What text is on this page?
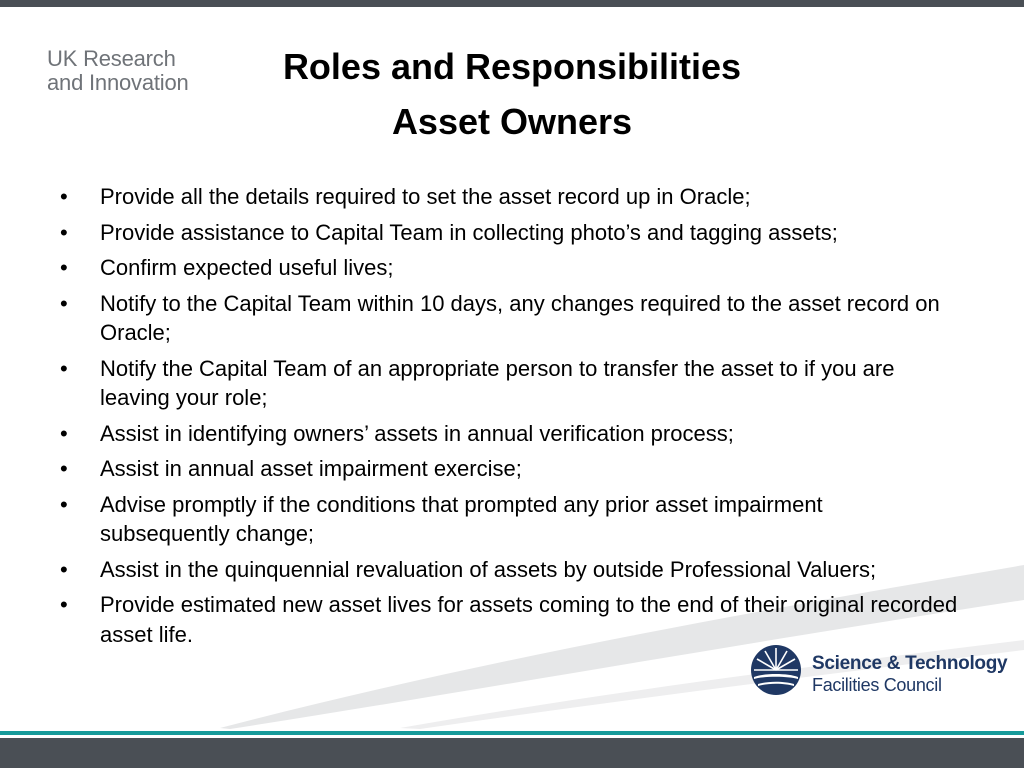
UK Research
and Innovation	Roles and Responsibilities
Asset Owners
• Provide all the details required to set the asset record up in Oracle;
• Provide assistance to Capital Team in collecting photo’s and tagging assets;
• Confirm expected useful lives;
• Notify to the Capital Team within 10 days, any changes required to the asset record on Oracle;
• Notify the Capital Team of an appropriate person to transfer the asset to if you are leaving your role;
• Assist in identifying owners’ assets in annual verification process;
• Assist in annual asset impairment exercise;
• Advise promptly if the conditions that prompted any prior asset impairment subsequently change;
• Assist in the quinquennial revaluation of assets by outside Professional Valuers;
• Provide estimated new asset lives for assets coming to the end of their original recorded asset life.
Science & Technology
Facilities Council
